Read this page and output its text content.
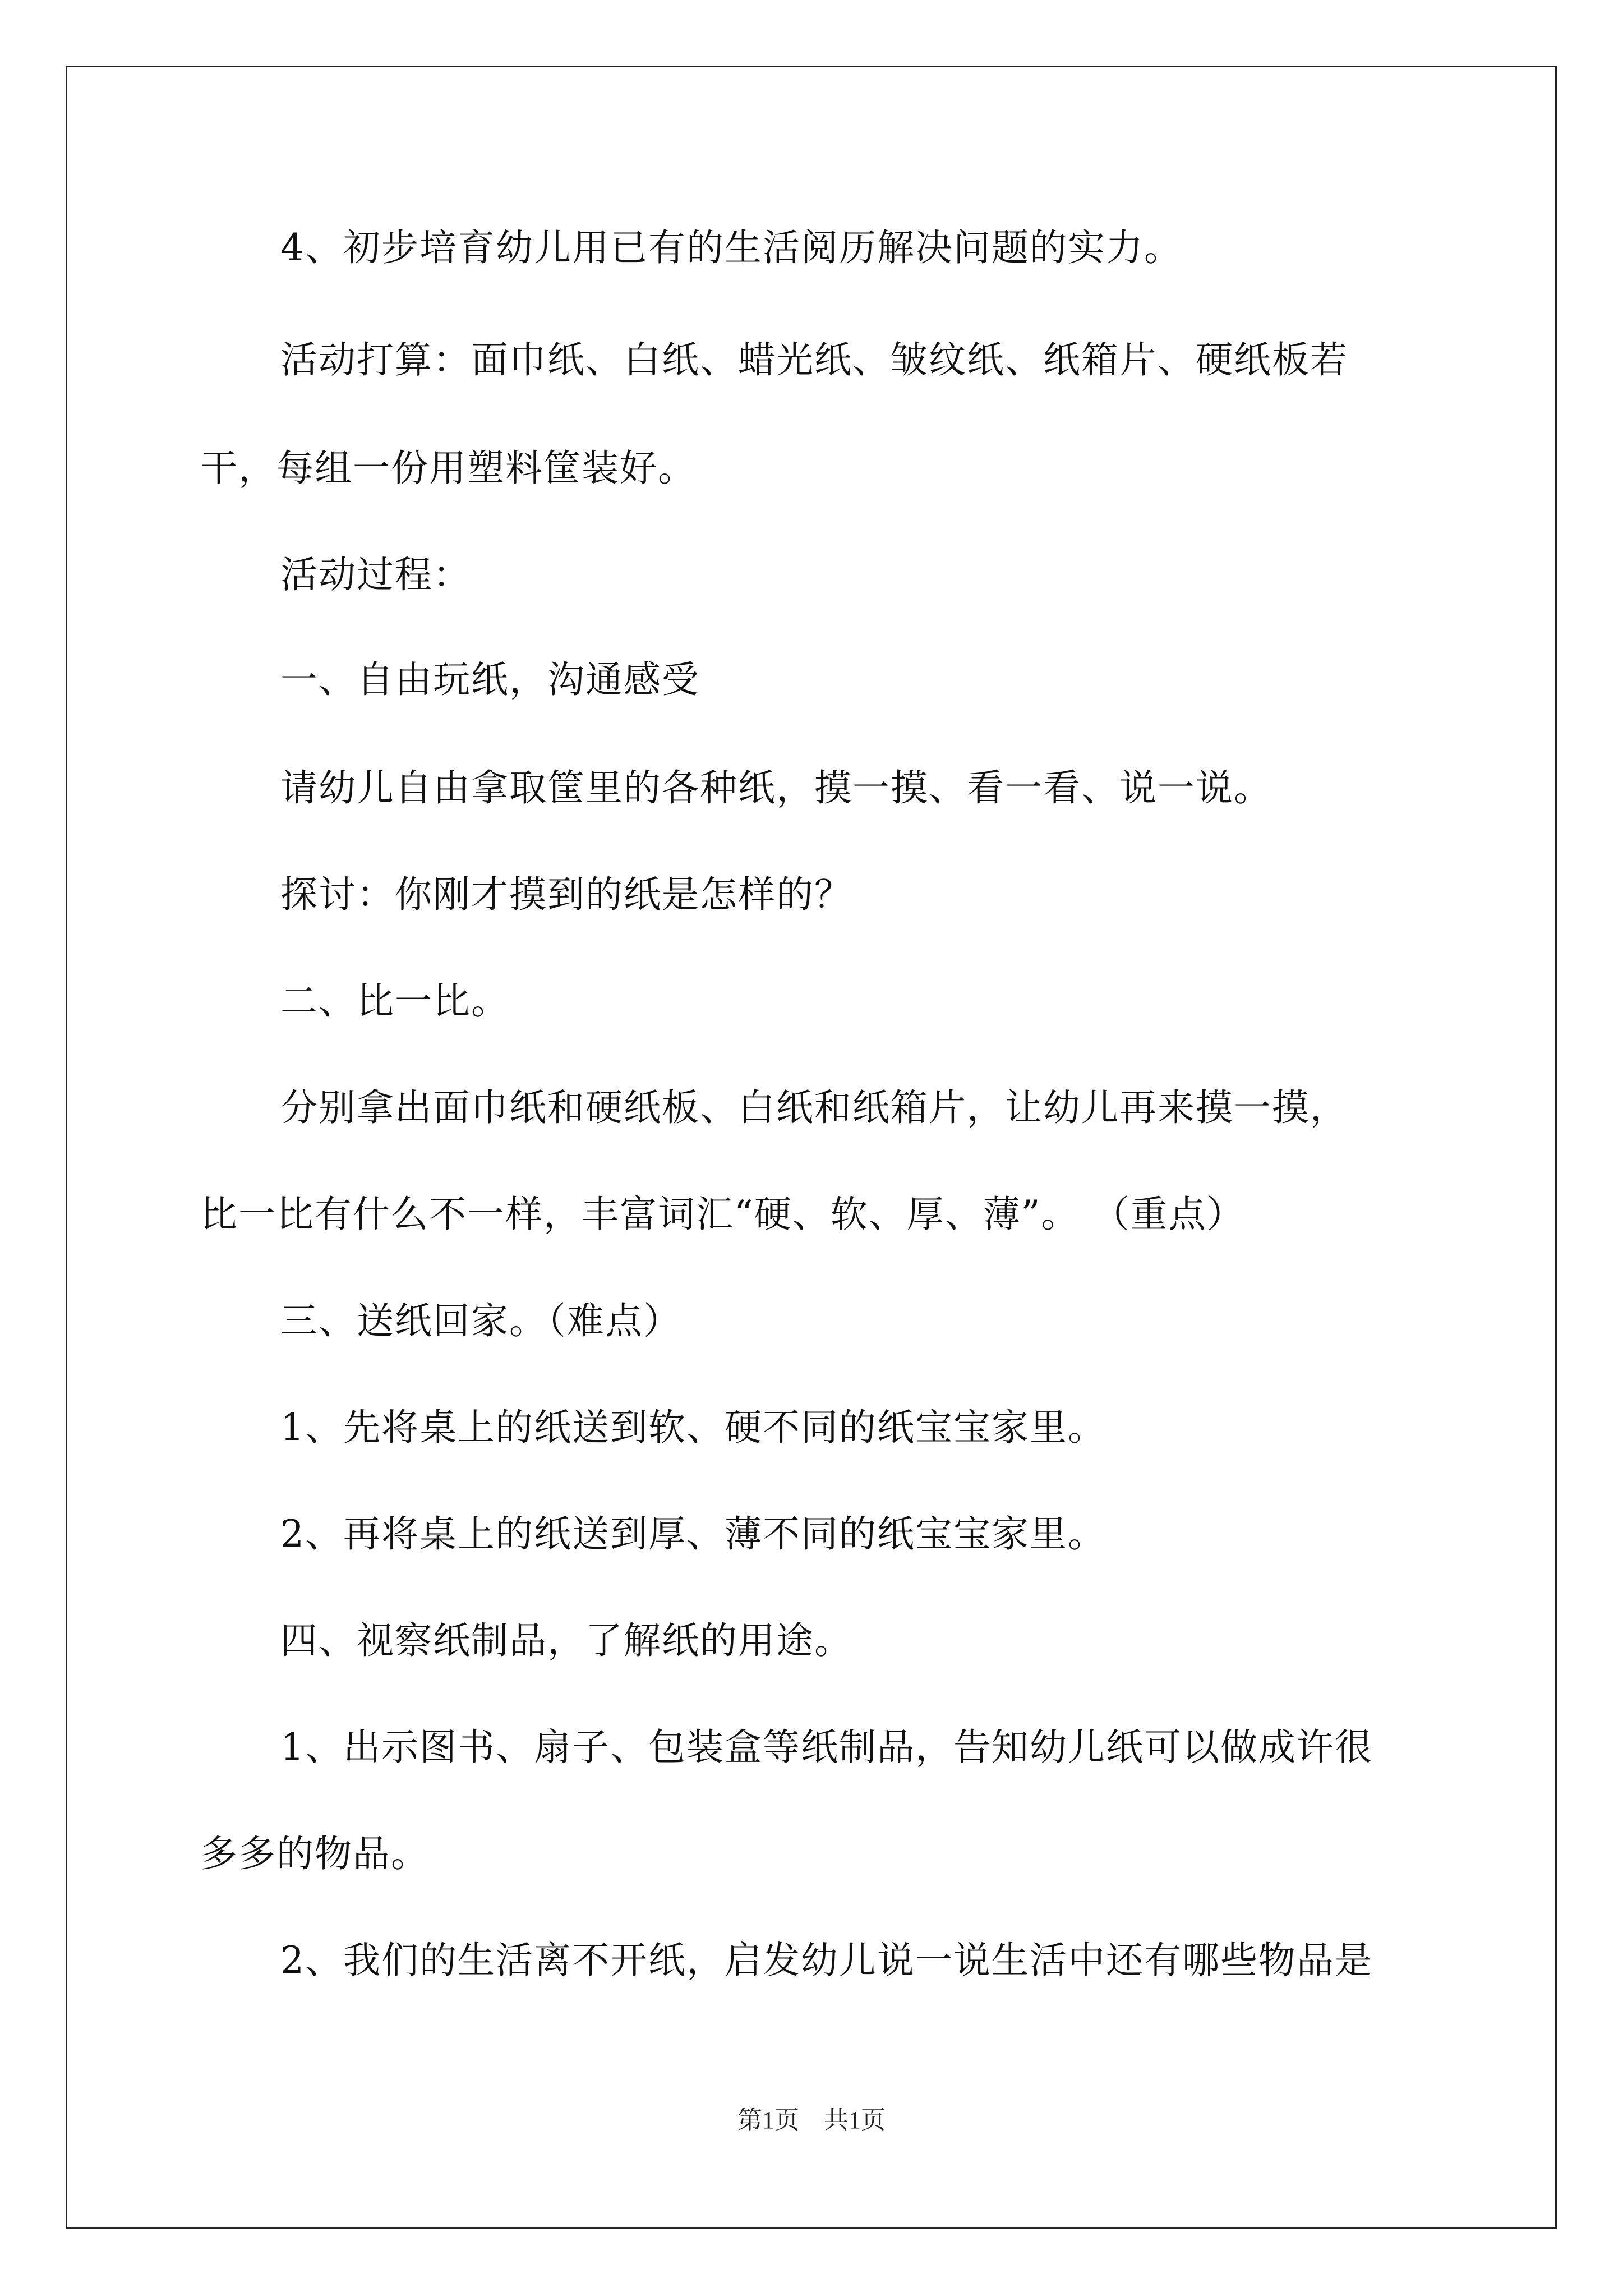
4、初步培育幼儿用已有的生活阅历解决问题的实力。
活动打算：面巾纸、白纸、蜡光纸、皱纹纸、纸箱片、硬纸板若
干，每组一份用塑料筐装好。
活动过程：
一、自由玩纸，沟通感受
请幼儿自由拿取筐里的各种纸，摸一摸、看一看、说一说。
探讨：你刚才摸到的纸是怎样的？
二、比一比。
分别拿出面巾纸和硬纸板、白纸和纸箱片，让幼儿再来摸一摸，
比一比有什么不一样，丰富词汇“硬、软、厚、薄”。 （重点）
三、送纸回家。（难点）
1、先将桌上的纸送到软、硬不同的纸宝宝家里。
2、再将桌上的纸送到厚、薄不同的纸宝宝家里。
四、视察纸制品，了解纸的用途。
1、出示图书、扇子、包装盒等纸制品，告知幼儿纸可以做成许很
多多的物品。
2、我们的生活离不开纸，启发幼儿说一说生活中还有哪些物品是
第1页　共1页
